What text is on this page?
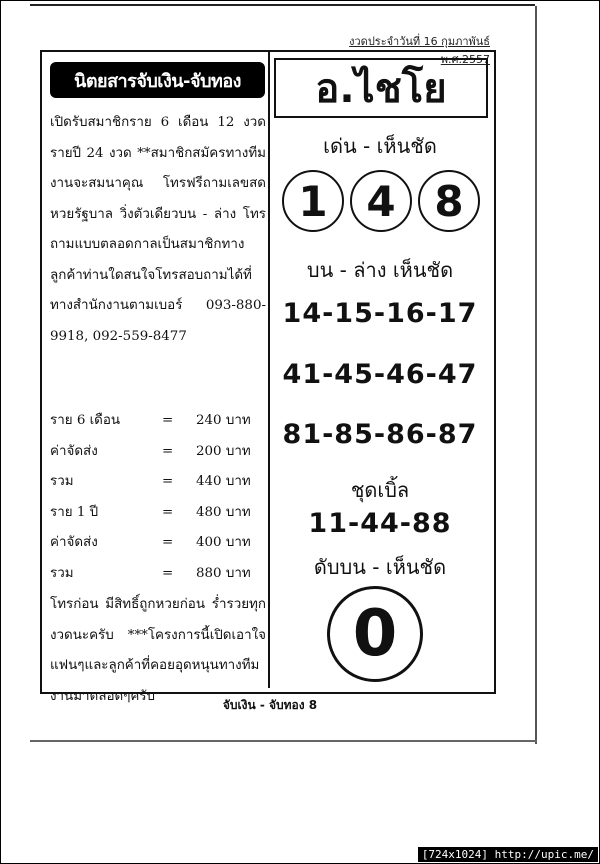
งวดประจำวันที่ 16 กุมภาพันธ์ พ.ศ.2557
นิตยสารจับเงิน-จับทอง
เปิดรับสมาชิกราย 6 เดือน 12 งวด รายปี 24 งวด **สมาชิกสมัครทางทีมงานจะสมนาคุณ โทรฟรีถามเลขสด หวยรัฐบาล วิ่งตัวเดียวบน - ล่าง โทรถามแบบตลอดกาลเป็นสมาชิกทางลูกค้าท่านใดสนใจโทรสอบถามได้ที่ทางสำนักงานตามเบอร์ 093-880-9918, 092-559-8477
ราย 6 เดือน	= 240 บาท
ค่าจัดส่ง	= 200 บาท
รวม	= 440 บาท
ราย 1 ปี	= 480 บาท
ค่าจัดส่ง	= 400 บาท
รวม	= 880 บาท
โทรก่อน มีสิทธิ์ถูกหวยก่อน ร่ำรวยทุกงวดนะครับ ***โครงการนี้เปิดเอาใจแฟนๆและลูกค้าที่คอยอุดหนุนทางทีมงานมาตลอดๆครับ
อ.ไชโย
เด่น - เห็นชัด
1 4 8
บน - ล่าง เห็นชัด
14-15-16-17
41-45-46-47
81-85-86-87
ชุดเบิ้ล
11-44-88
ดับบน - เห็นชัด
0
จับเงิน - จับทอง 8
[724x1024] http://upic.me/
